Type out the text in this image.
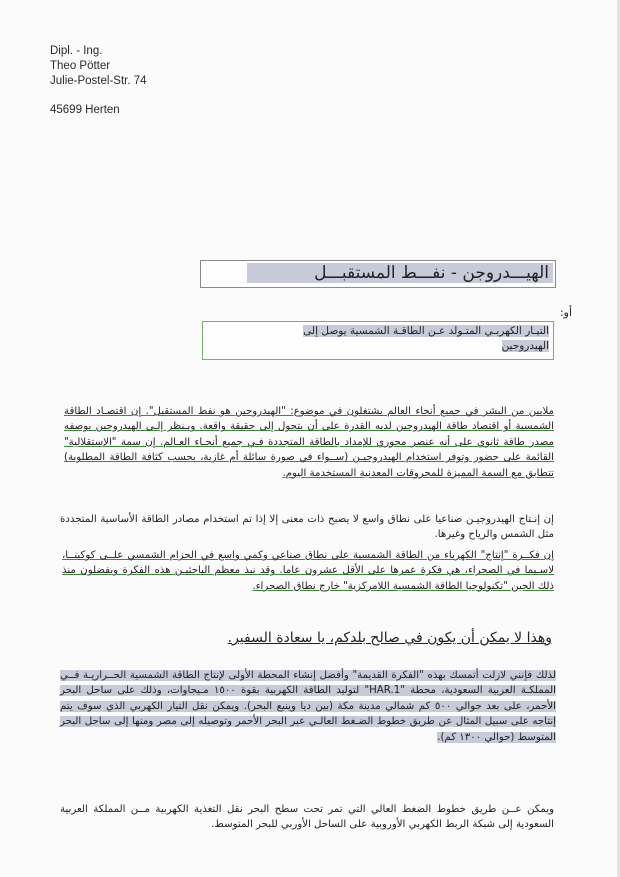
Dipl. - Ing.
Theo Pötter
Julie-Postel-Str. 74
45699 Herten
الهيـــدروجن - نفـــط المستقبـــل
أو:
التيـار الكهربـي المتـولد عـن الطاقـة الشمسية يوصل إلى
الهيدروجين
ملايين من البشر في جميع أنحاء العالم يشتغلون في موضوع: "الهيدروجين هو نفط المستقبل". إن اقتصـاد الطاقة الشمسية أو اقتصاد طاقة الهيدروجين لديه القدرة على أن يتحول إلى حقيقة واقعة. ويـنظر إلـى الهيدروجين بوصفه مصدر طاقة ثانوي على أنه عنصر محوري للإمداد بالطاقة المتجددة فـي جميع أنحـاء العـالم. إن سمة "الإستقلالية" القائمة على حضور وتوفر استخدام الهيدروجيـن (ســواء في صورة سائلة أم غازية، بحسب كثافة الطاقة المطلوبة) تتطابق مع السمة المميزة للمحروقات المعدنية المستخدمة اليوم.
إن إنـتاج الهيدروجيـن صناعيا على نطاق واسع لا يصبح ذات معنى إلا إذا تم استخدام مصادر الطاقة الأساسية المتجددة مثل الشمس والرياح وغيرها.
إن فكــرة "إنتاج" الكهرباء من الطاقة الشمسية على نطاق صناعي وكمي واسع في الحزام الشمسي علــى كوكبنــا، لاسـيما في الصحراء، هي فكرة عمرها على الأقل عشرون عاما. وقد نبذ معظم الباحثيـن هذه الفكرة ويفضلون منذ ذلك الحين "تكنولوجيا الطاقة الشمسية اللامركزية" خارج نطاق الصحراء.
وهذا لا يمكن أن يكون في صالح بلدكم، يا سعادة السفير.
لذلك فإنني لازلت أتمسك بهذه "الفكرة القديمة" وأفضل إنشاء المحطة الأولى لإنتاج الطاقة الشمسية الحــراريـة فــي المملكـة العربية السعودية، محطة "HAR.1" لتوليد الطاقة الكهربية بقوة ١٥٠٠ مـيجاوات، وذلك على ساحل البحر الأحمر، على بعد حوالي ٥٠٠ كم شمالي مدينة مكة (بين ديا وينبع البحر). ويمكن نقل التيار الكهربي الذي سوف يتم إنتاجه على سبيل المثال عن طريق خطوط الضـغط العالـي عبر البحر الأحمر وتوصيله إلى مصر ومنها إلى ساحل البحر المتوسط (حوالي ١٣٠٠ كم).
ويمكن عــن طريق خطوط الضغط العالي التي تمر تحت سطح البحر نقل التغذية الكهربية مــن المملكة العربية السعودية إلى شبكة الربط الكهربي الأوروبية على الساحل الأوربي للبحر المتوسط.
